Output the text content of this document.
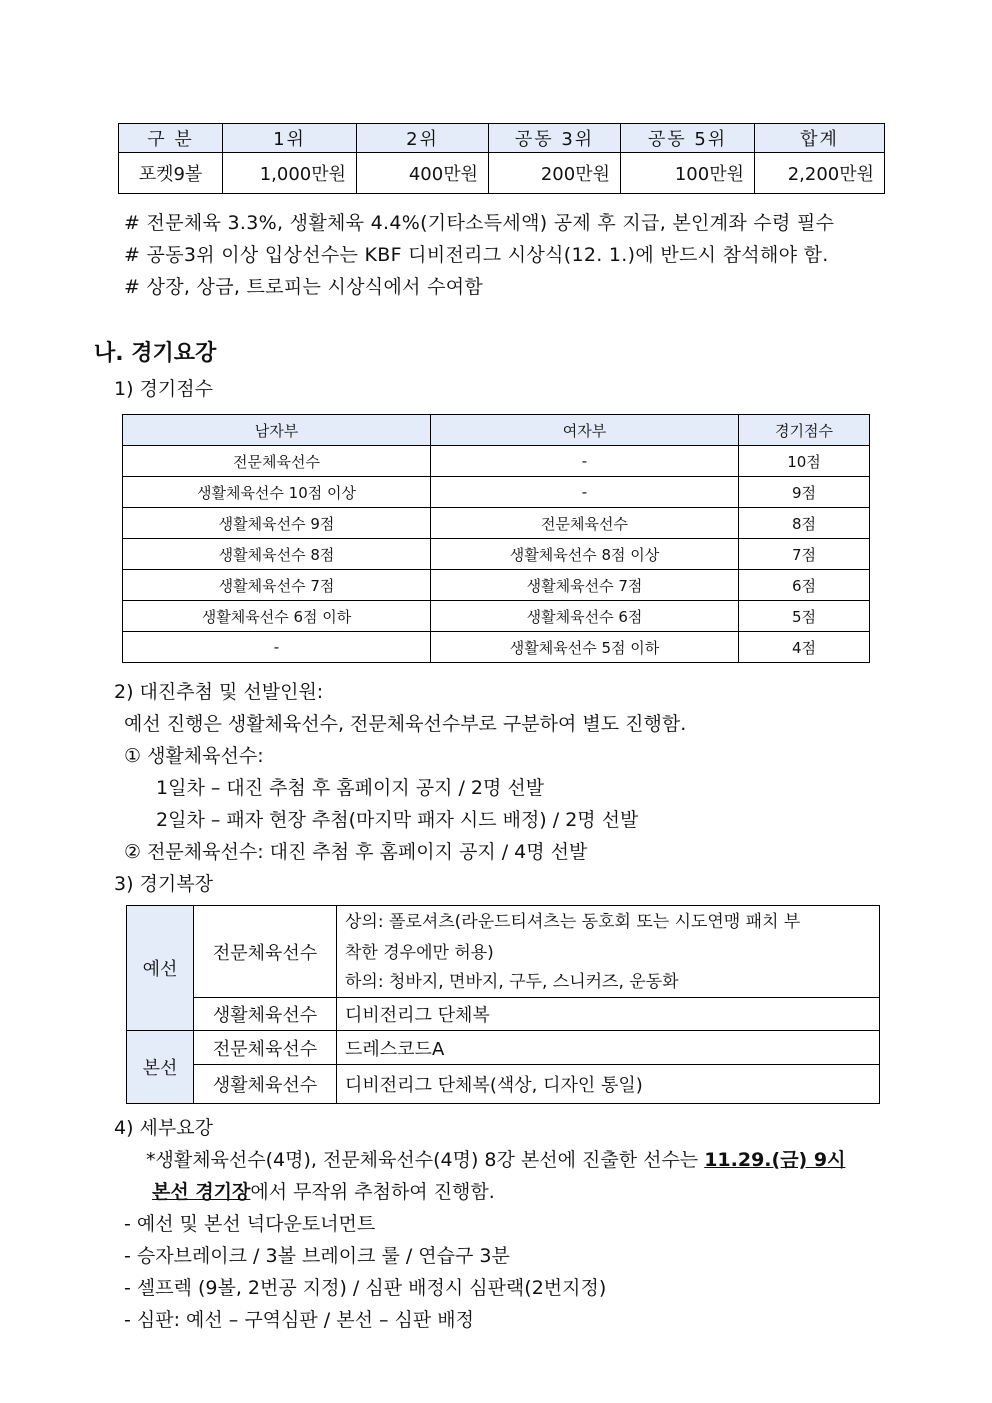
구 분	1위	2위	공동 3위	공동 5위	합계
포켓9볼	1,000만원	400만원	200만원	100만원	2,200만원
# 전문체육 3.3%, 생활체육 4.4%(기타소득세액) 공제 후 지급, 본인계좌 수령 필수
# 공동3위 이상 입상선수는 KBF 디비전리그 시상식(12. 1.)에 반드시 참석해야 함.
# 상장, 상금, 트로피는 시상식에서 수여함
나. 경기요강
1) 경기점수
남자부	여자부	경기점수
전문체육선수	-	10점
생활체육선수 10점 이상	-	9점
생활체육선수 9점	전문체육선수	8점
생활체육선수 8점	생활체육선수 8점 이상	7점
생활체육선수 7점	생활체육선수 7점	6점
생활체육선수 6점 이하	생활체육선수 6점	5점
-	생활체육선수 5점 이하	4점
2) 대진추첨 및 선발인원:
예선 진행은 생활체육선수, 전문체육선수부로 구분하여 별도 진행함.
① 생활체육선수:
1일차 – 대진 추첨 후 홈페이지 공지 / 2명 선발
2일차 – 패자 현장 추첨(마지막 패자 시드 배정) / 2명 선발
② 전문체육선수: 대진 추첨 후 홈페이지 공지 / 4명 선발
3) 경기복장
예선	전문체육선수	상의: 폴로셔츠(라운드티셔츠는 동호회 또는 시도연맹 패치 부
착한 경우에만 허용)
하의: 청바지, 면바지, 구두, 스니커즈, 운동화

	생활체육선수	디비전리그 단체복
본선	전문체육선수	드레스코드A
	생활체육선수	디비전리그 단체복(색상, 디자인 통일)
4) 세부요강
*생활체육선수(4명), 전문체육선수(4명) 8강 본선에 진출한 선수는 11.29.(금) 9시
본선 경기장에서 무작위 추첨하여 진행함.
- 예선 및 본선 넉다운토너먼트
- 승자브레이크 / 3볼 브레이크 룰 / 연습구 3분
- 셀프렉 (9볼, 2번공 지정) / 심판 배정시 심판랙(2번지정)
- 심판: 예선 – 구역심판 / 본선 – 심판 배정
